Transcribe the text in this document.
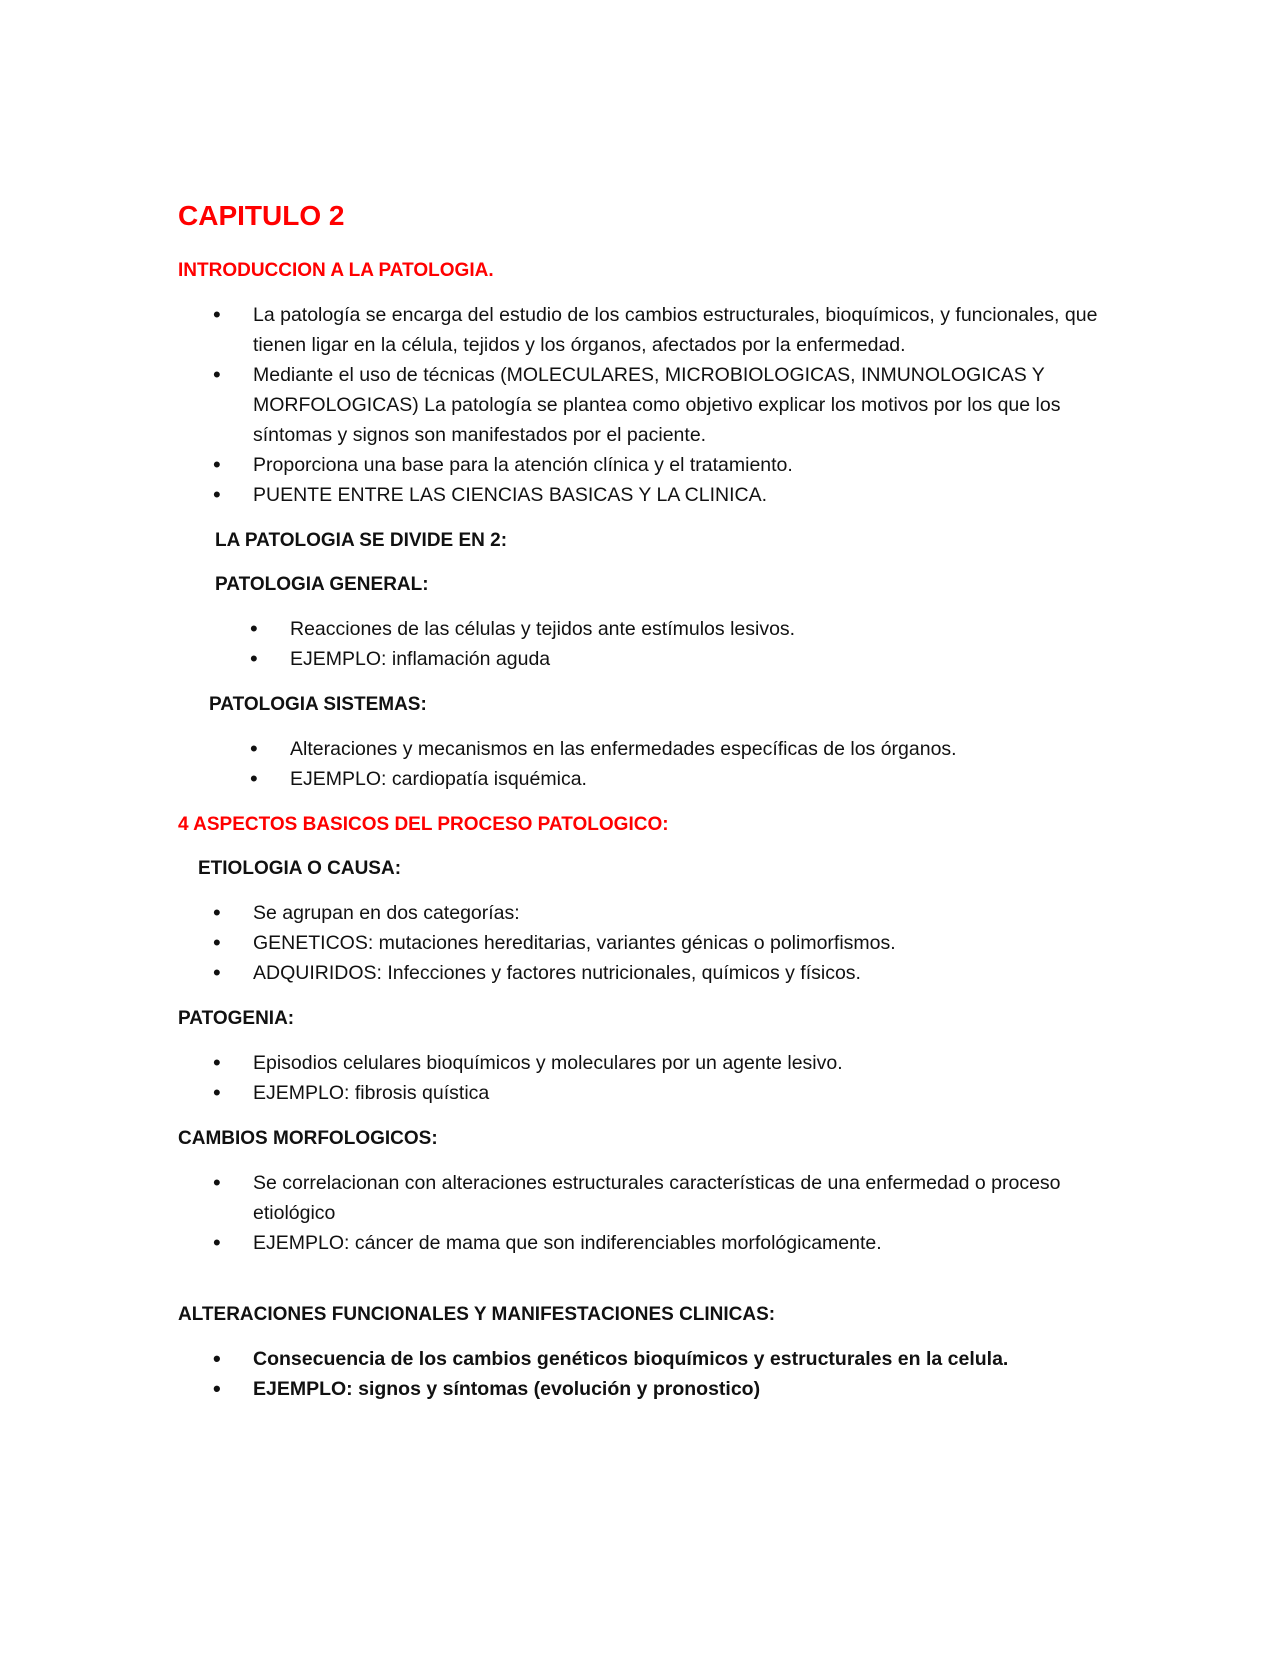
CAPITULO 2
INTRODUCCION A LA PATOLOGIA.
• La patología se encarga del estudio de los cambios estructurales, bioquímicos, y funcionales, que tienen ligar en la célula, tejidos y los órganos, afectados por la enfermedad.
• Mediante el uso de técnicas (MOLECULARES, MICROBIOLOGICAS, INMUNOLOGICAS Y MORFOLOGICAS) La patología se plantea como objetivo explicar los motivos por los que los síntomas y signos son manifestados por el paciente.
• Proporciona una base para la atención clínica y el tratamiento.
• PUENTE ENTRE LAS CIENCIAS BASICAS Y LA CLINICA.
LA PATOLOGIA SE DIVIDE EN 2:
PATOLOGIA GENERAL:
• Reacciones de las células y tejidos ante estímulos lesivos.
• EJEMPLO: inflamación aguda
PATOLOGIA SISTEMAS:
• Alteraciones y mecanismos en las enfermedades específicas de los órganos.
• EJEMPLO: cardiopatía isquémica.
4 ASPECTOS BASICOS DEL PROCESO PATOLOGICO:
ETIOLOGIA O CAUSA:
• Se agrupan en dos categorías:
• GENETICOS: mutaciones hereditarias, variantes génicas o polimorfismos.
• ADQUIRIDOS: Infecciones y factores nutricionales, químicos y físicos.
PATOGENIA:
• Episodios celulares bioquímicos y moleculares por un agente lesivo.
• EJEMPLO: fibrosis quística
CAMBIOS MORFOLOGICOS:
• Se correlacionan con alteraciones estructurales características de una enfermedad o proceso etiológico
• EJEMPLO: cáncer de mama que son indiferenciables morfológicamente.
ALTERACIONES FUNCIONALES Y MANIFESTACIONES CLINICAS:
• Consecuencia de los cambios genéticos bioquímicos y estructurales en la celula.
• EJEMPLO: signos y síntomas (evolución y pronostico)
